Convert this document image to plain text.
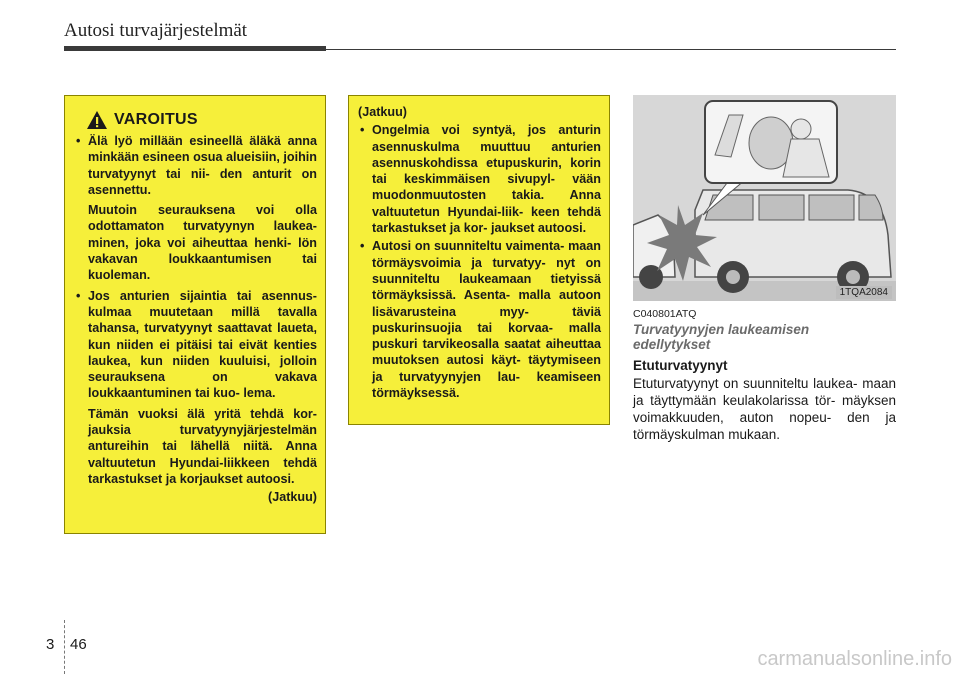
Autosi turvajärjestelmät
VAROITUS
• Älä lyö millään esineellä äläkä anna minkään esineen osua alueisiin, joihin turvatyynyt tai nii- den anturit on asennettu.

Muutoin seurauksena voi olla odottamaton turvatyynyn laukea- minen, joka voi aiheuttaa henki- lön vakavan loukkaantumisen tai kuoleman.

• Jos anturien sijaintia tai asennus- kulmaa muutetaan millä tavalla tahansa, turvatyynyt saattavat laueta, kun niiden ei pitäisi tai eivät kenties laukea, kun niiden kuuluisi, jolloin seurauksena on vakava loukkaantuminen tai kuo- lema.

Tämän vuoksi älä yritä tehdä kor- jauksia turvatyynyjärjestelmän antureihin tai lähellä niitä. Anna valtuutetun Hyundai-liikkeen tehdä tarkastukset ja korjaukset autoosi.

(Jatkuu)
(Jatkuu)
• Ongelmia voi syntyä, jos anturin asennuskulma muuttuu anturien asennuskohdissa etupuskurin, korin tai keskimmäisen sivupyl- vään muodonmuutosten takia. Anna valtuutetun Hyundai-liik- keen tehdä tarkastukset ja kor- jaukset autoosi.
• Autosi on suunniteltu vaimenta- maan törmäysvoimia ja turvatyy- nyt on suunniteltu laukeamaan tietyissä törmäyksissä. Asenta- malla autoon lisävarusteina myy- täviä puskurinsuojia tai korvaa- malla puskuri tarvikeosalla saatat aiheuttaa muutoksen autosi käyt- täytymiseen ja turvatyynyjen lau- keamiseen törmäyksessä.
1TQA2084
C040801ATQ
Turvatyynyjen laukeamisen edellytykset
Etuturvatyynyt
Etuturvatyynyt on suunniteltu laukea- maan ja täyttymään keulakolarissa tör- mäyksen voimakkuuden, auton nopeu- den ja törmäyskulman mukaan.
3 46
carmanualsonline.info
